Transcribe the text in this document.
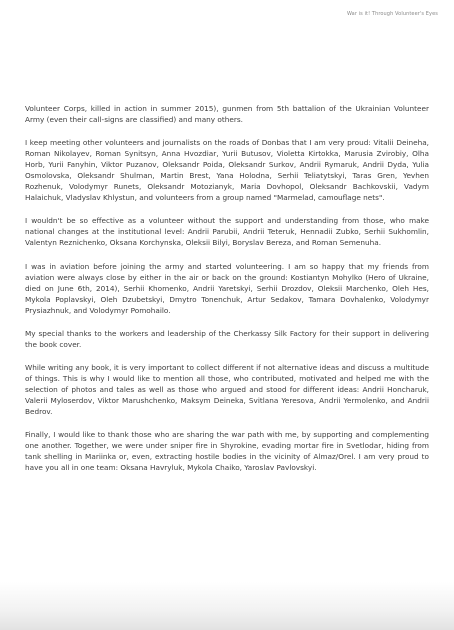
War is it! Through Volunteer's Eyes

Volunteer Corps, killed in action in summer 2015), gunmen from 5th battalion of the Ukrainian Volunteer Army (even their call-signs are classified) and many others.

I keep meeting other volunteers and journalists on the roads of Donbas that I am very proud: Vitalii Deineha, Roman Nikolayev, Roman Synitsyn, Anna Hvozdiar, Yurii Butusov, Violetta Kirtokka, Marusia Zvirobiy, Olha Horb, Yurii Fanyhin, Viktor Puzanov, Oleksandr Poida, Oleksandr Surkov, Andrii Rymaruk, Andrii Dyda, Yulia Osmolovska, Oleksandr Shulman, Martin Brest, Yana Holodna, Serhii Teliatytskyi, Taras Gren, Yevhen Rozhenuk, Volodymyr Runets, Oleksandr Motozianyk, Maria Dovhopol, Oleksandr Bachkovskii, Vadym Halaichuk, Vladyslav Khlystun, and volunteers from a group named "Marmelad, camouflage nets".

I wouldn't be so effective as a volunteer without the support and understanding from those, who make national changes at the institutional level: Andrii Parubii, Andrii Teteruk, Hennadii Zubko, Serhii Sukhomlin, Valentyn Reznichenko, Oksana Korchynska, Oleksii Bilyi, Boryslav Bereza, and Roman Semenuha.

I was in aviation before joining the army and started volunteering. I am so happy that my friends from aviation were always close by either in the air or back on the ground: Kostiantyn Mohylko (Hero of Ukraine, died on June 6th, 2014), Serhii Khomenko, Andrii Yaretskyi, Serhii Drozdov, Oleksii Marchenko, Oleh Hes, Mykola Poplavskyi, Oleh Dzubetskyi, Dmytro Tonenchuk, Artur Sedakov, Tamara Dovhalenko, Volodymyr Prysiazhnuk, and Volodymyr Pomohailo.

My special thanks to the workers and leadership of the Cherkassy Silk Factory for their support in delivering the book cover.

While writing any book, it is very important to collect different if not alternative ideas and discuss a multitude of things. This is why I would like to mention all those, who contributed, motivated and helped me with the selection of photos and tales as well as those who argued and stood for different ideas: Andrii Honcharuk, Valerii Myloserdov, Viktor Marushchenko, Maksym Deineka, Svitlana Yeresova, Andrii Yermolenko, and Andrii Bedrov.

Finally, I would like to thank those who are sharing the war path with me, by supporting and complementing one another. Together, we were under sniper fire in Shyrokine, evading mortar fire in Svetlodar, hiding from tank shelling in Mariinka or, even, extracting hostile bodies in the vicinity of Almaz/Orel. I am very proud to have you all in one team: Oksana Havryluk, Mykola Chaiko, Yaroslav Pavlovskyi.
